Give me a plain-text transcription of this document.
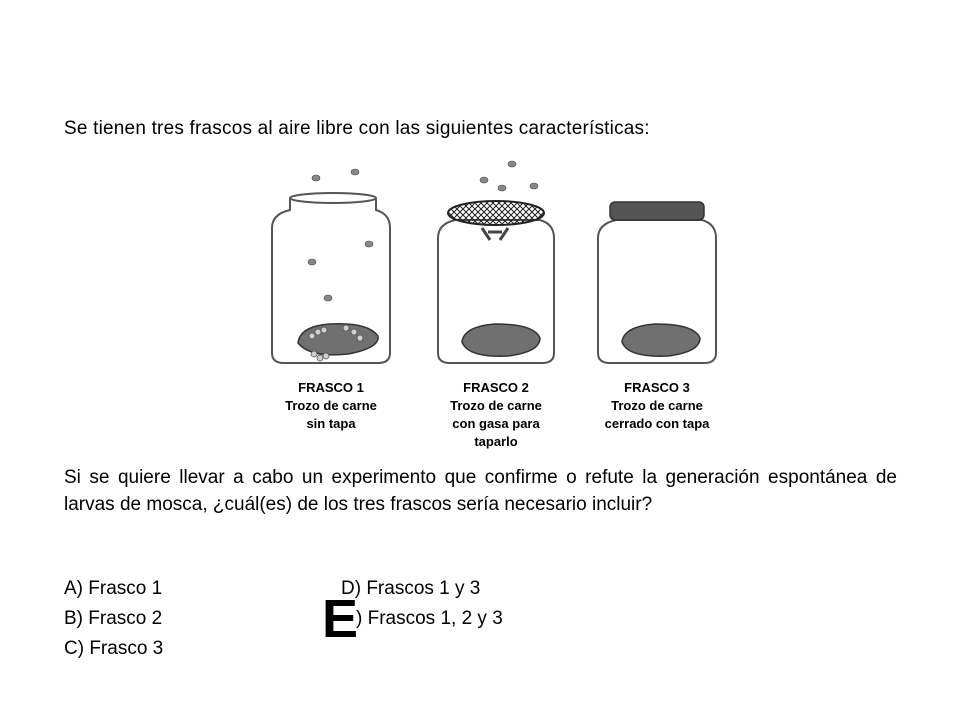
Se tienen tres frascos al aire libre con las siguientes características:

FRASCO 1
Trozo de carne
sin tapa
FRASCO 2
Trozo de carne
con gasa para
taparlo
FRASCO 3
Trozo de carne
cerrado con tapa

Si se quiere llevar a cabo un experimento que confirme o refute la generación espontánea de larvas de mosca, ¿cuál(es) de los tres frascos sería necesario incluir?

A) Frasco 1

B) Frasco 2

C) Frasco 3

D) Frascos 1 y 3

) Frascos 1, 2 y 3

E
